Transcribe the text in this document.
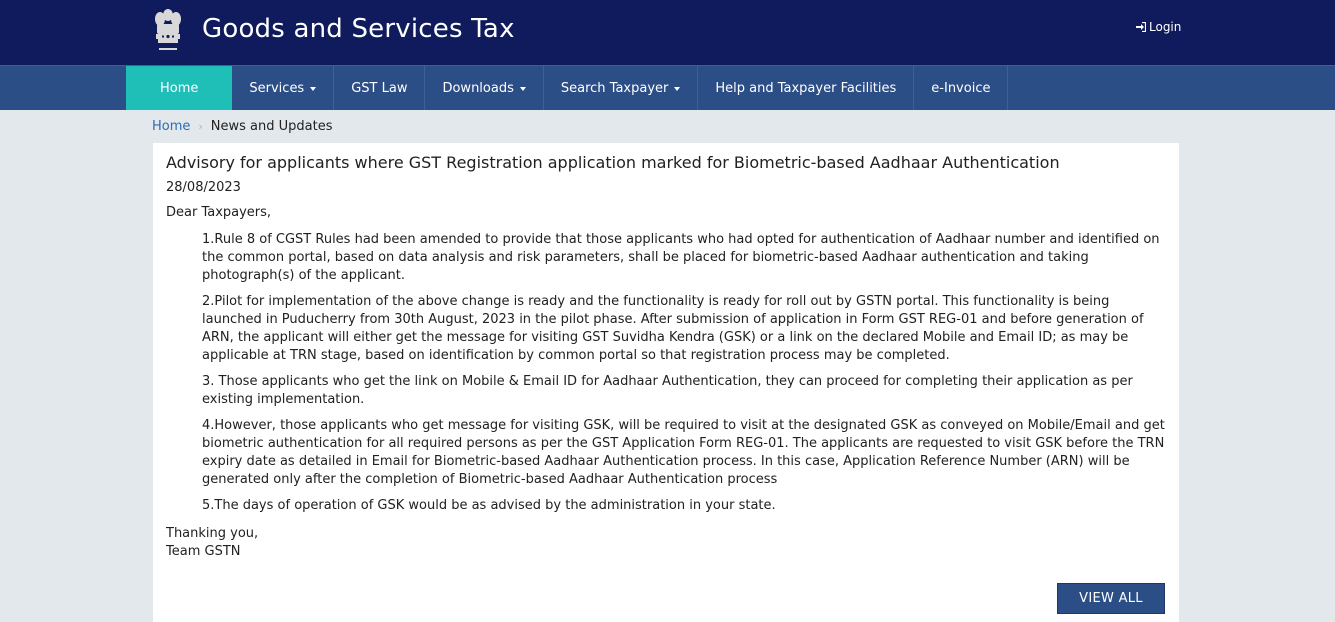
Goods and Services Tax	Login
Home	Services	GST Law	Downloads	Search Taxpayer	Help and Taxpayer Facilities	e-Invoice
Home › News and Updates
Advisory for applicants where GST Registration application marked for Biometric-based Aadhaar Authentication
28/08/2023
Dear Taxpayers,
1.Rule 8 of CGST Rules had been amended to provide that those applicants who had opted for authentication of Aadhaar number and identified on the common portal, based on data analysis and risk parameters, shall be placed for biometric-based Aadhaar authentication and taking photograph(s) of the applicant.
2.Pilot for implementation of the above change is ready and the functionality is ready for roll out by GSTN portal. This functionality is being launched in Puducherry from 30th August, 2023 in the pilot phase. After submission of application in Form GST REG-01 and before generation of ARN, the applicant will either get the message for visiting GST Suvidha Kendra (GSK) or a link on the declared Mobile and Email ID; as may be applicable at TRN stage, based on identification by common portal so that registration process may be completed.
3. Those applicants who get the link on Mobile & Email ID for Aadhaar Authentication, they can proceed for completing their application as per existing implementation.
4.However, those applicants who get message for visiting GSK, will be required to visit at the designated GSK as conveyed on Mobile/Email and get biometric authentication for all required persons as per the GST Application Form REG-01. The applicants are requested to visit GSK before the TRN expiry date as detailed in Email for Biometric-based Aadhaar Authentication process. In this case, Application Reference Number (ARN) will be generated only after the completion of Biometric-based Aadhaar Authentication process
5.The days of operation of GSK would be as advised by the administration in your state.
Thanking you,
Team GSTN
VIEW ALL
